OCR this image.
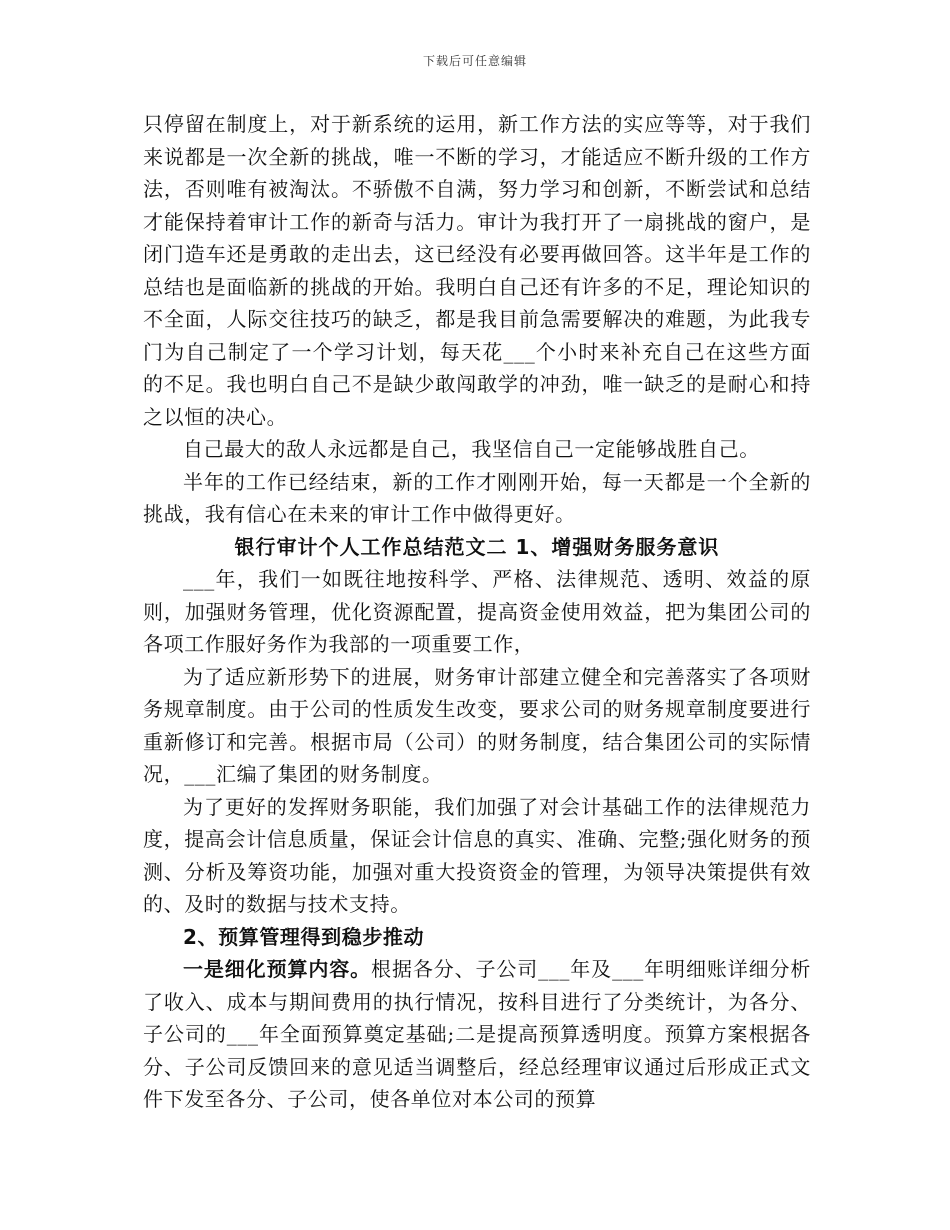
下载后可任意编辑

只停留在制度上，对于新系统的运用，新工作方法的实应等等，对于我们来说都是一次全新的挑战，唯一不断的学习，才能适应不断升级的工作方法，否则唯有被淘汰。不骄傲不自满，努力学习和创新，不断尝试和总结才能保持着审计工作的新奇与活力。审计为我打开了一扇挑战的窗户，是闭门造车还是勇敢的走出去，这已经没有必要再做回答。这半年是工作的总结也是面临新的挑战的开始。我明白自己还有许多的不足，理论知识的不全面，人际交往技巧的缺乏，都是我目前急需要解决的难题，为此我专门为自己制定了一个学习计划，每天花___个小时来补充自己在这些方面的不足。我也明白自己不是缺少敢闯敢学的冲劲，唯一缺乏的是耐心和持之以恒的决心。

自己最大的敌人永远都是自己，我坚信自己一定能够战胜自己。

半年的工作已经结束，新的工作才刚刚开始，每一天都是一个全新的挑战，我有信心在未来的审计工作中做得更好。

银行审计个人工作总结范文二 1、增强财务服务意识

___年，我们一如既往地按科学、严格、法律规范、透明、效益的原则，加强财务管理，优化资源配置，提高资金使用效益，把为集团公司的各项工作服好务作为我部的一项重要工作，

为了适应新形势下的进展，财务审计部建立健全和完善落实了各项财务规章制度。由于公司的性质发生改变，要求公司的财务规章制度要进行重新修订和完善。根据市局（公司）的财务制度，结合集团公司的实际情况，___汇编了集团的财务制度。

为了更好的发挥财务职能，我们加强了对会计基础工作的法律规范力度，提高会计信息质量，保证会计信息的真实、准确、完整;强化财务的预测、分析及筹资功能，加强对重大投资资金的管理，为领导决策提供有效的、及时的数据与技术支持。

2、预算管理得到稳步推动

一是细化预算内容。根据各分、子公司___年及___年明细账详细分析了收入、成本与期间费用的执行情况，按科目进行了分类统计，为各分、子公司的___年全面预算奠定基础;二是提高预算透明度。预算方案根据各分、子公司反馈回来的意见适当调整后，经总经理审议通过后形成正式文件下发至各分、子公司，使各单位对本公司的预算
